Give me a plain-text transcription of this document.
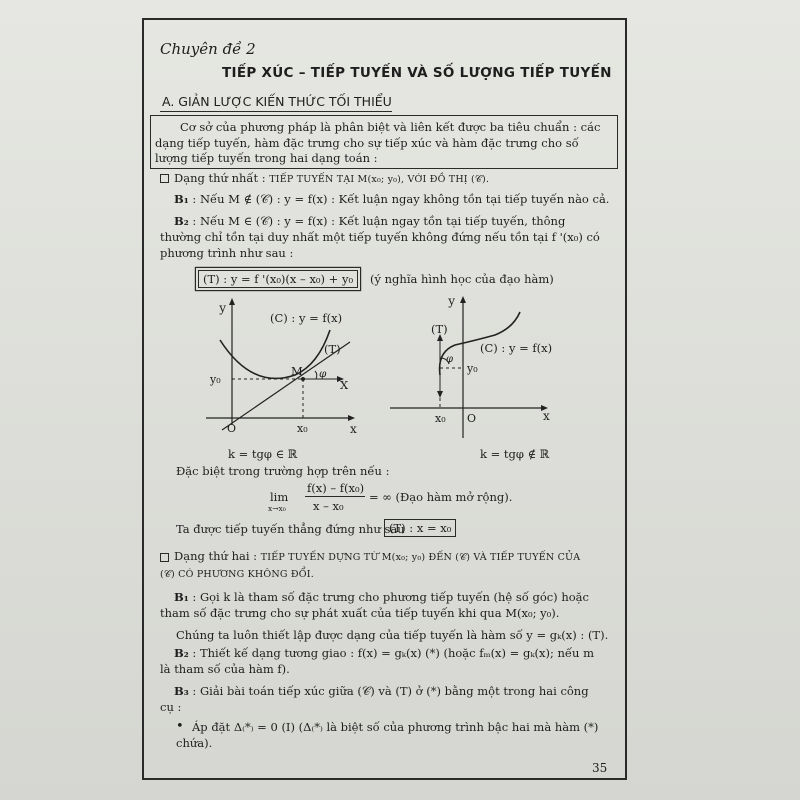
Chuyên đề 2
TIẾP XÚC – TIẾP TUYẾN VÀ SỐ LƯỢNG TIẾP TUYẾN
A. GIẢN LƯỢC KIẾN THỨC TỐI THIỂU
Cơ sở của phương pháp là phân biệt và liên kết được ba tiêu chuẩn : các
dạng tiếp tuyến, hàm đặc trưng cho sự tiếp xúc và hàm đặc trưng cho số
lượng tiếp tuyến trong hai dạng toán :
Dạng thứ nhất : TIẾP TUYẾN TẠI M(x₀; y₀), VỚI ĐỒ THỊ (𝒞).
B₁ : Nếu M ∉ (𝒞) : y = f(x) : Kết luận ngay không tồn tại tiếp tuyến nào cả.
B₂ : Nếu M ∈ (𝒞) : y = f(x) : Kết luận ngay tồn tại tiếp tuyến, thông
thường chỉ tồn tại duy nhất một tiếp tuyến không đứng nếu tồn tại f '(x₀) có
phương trình như sau :
(T) : y = f '(x₀)(x – x₀) + y₀	(ý nghĩa hình học của đạo hàm)
y
x
(C) : y = f(x)
(T)
φ
M
X
y₀
x₀
O
k = tgφ ∈ ℝ
y
x
(T)
(C) : y = f(x)
φ
y₀
x₀ O
k = tgφ ∉ ℝ
Đặc biệt trong trường hợp trên nếu :
lim
x→x₀
f(x) – f(x₀)
x – x₀
= ∞ (Đạo hàm mở rộng).
Ta được tiếp tuyến thẳng đứng như sau
(T) : x = x₀
Dạng thứ hai : TIẾP TUYẾN DỰNG TỪ M(x₀; y₀) ĐẾN (𝒞) VÀ TIẾP TUYẾN CỦA
(𝒞) CÓ PHƯƠNG KHÔNG ĐỔI.
B₁ : Gọi k là tham số đặc trưng cho phương tiếp tuyến (hệ số góc) hoặc
tham số đặc trưng cho sự phát xuất của tiếp tuyến khi qua M(x₀; y₀).
Chúng ta luôn thiết lập được dạng của tiếp tuyến là hàm số y = gₖ(x) : (T).
B₂ : Thiết kế dạng tương giao : f(x) = gₖ(x) (*) (hoặc fₘ(x) = gₖ(x); nếu m
là tham số của hàm f).
B₃ : Giải bài toán tiếp xúc giữa (𝒞) và (T) ở (*) bằng một trong hai công
cụ :
• Áp đặt Δ₍*₎ = 0 (I) (Δ₍*₎ là biệt số của phương trình bậc hai mà hàm (*)
chứa).
35
